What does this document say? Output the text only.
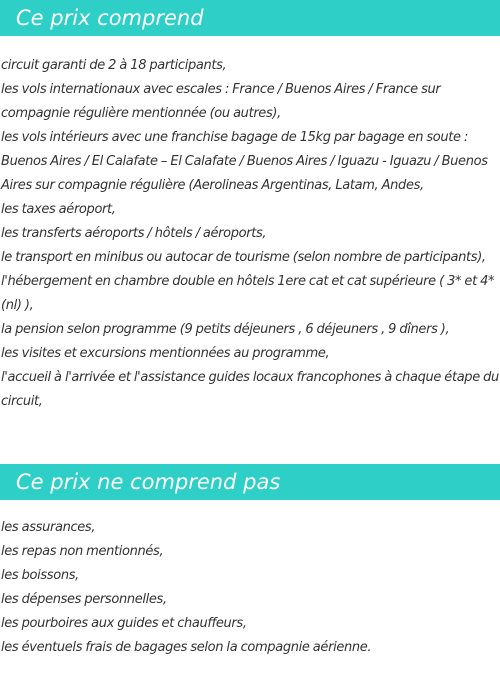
Ce prix comprend
circuit garanti de 2 à 18 participants,
les vols internationaux avec escales : France / Buenos Aires / France sur compagnie régulière mentionnée (ou autres),
les vols intérieurs avec une franchise bagage de 15kg par bagage en soute : Buenos Aires / El Calafate – El Calafate / Buenos Aires / Iguazu - Iguazu / Buenos Aires sur compagnie régulière (Aerolineas Argentinas, Latam, Andes,
les taxes aéroport,
les transferts aéroports / hôtels / aéroports,
le transport en minibus ou autocar de tourisme (selon nombre de participants),
l'hébergement en chambre double en hôtels 1ere cat et cat supérieure ( 3* et 4*(nl) ),
la pension selon programme (9 petits déjeuners , 6 déjeuners , 9 dîners ),
les visites et excursions mentionnées au programme,
l'accueil à l'arrivée et l'assistance guides locaux francophones à chaque étape du circuit,
Ce prix ne comprend pas
les assurances,
les repas non mentionnés,
les boissons,
les dépenses personnelles,
les pourboires aux guides et chauffeurs,
les éventuels frais de bagages selon la compagnie aérienne.
